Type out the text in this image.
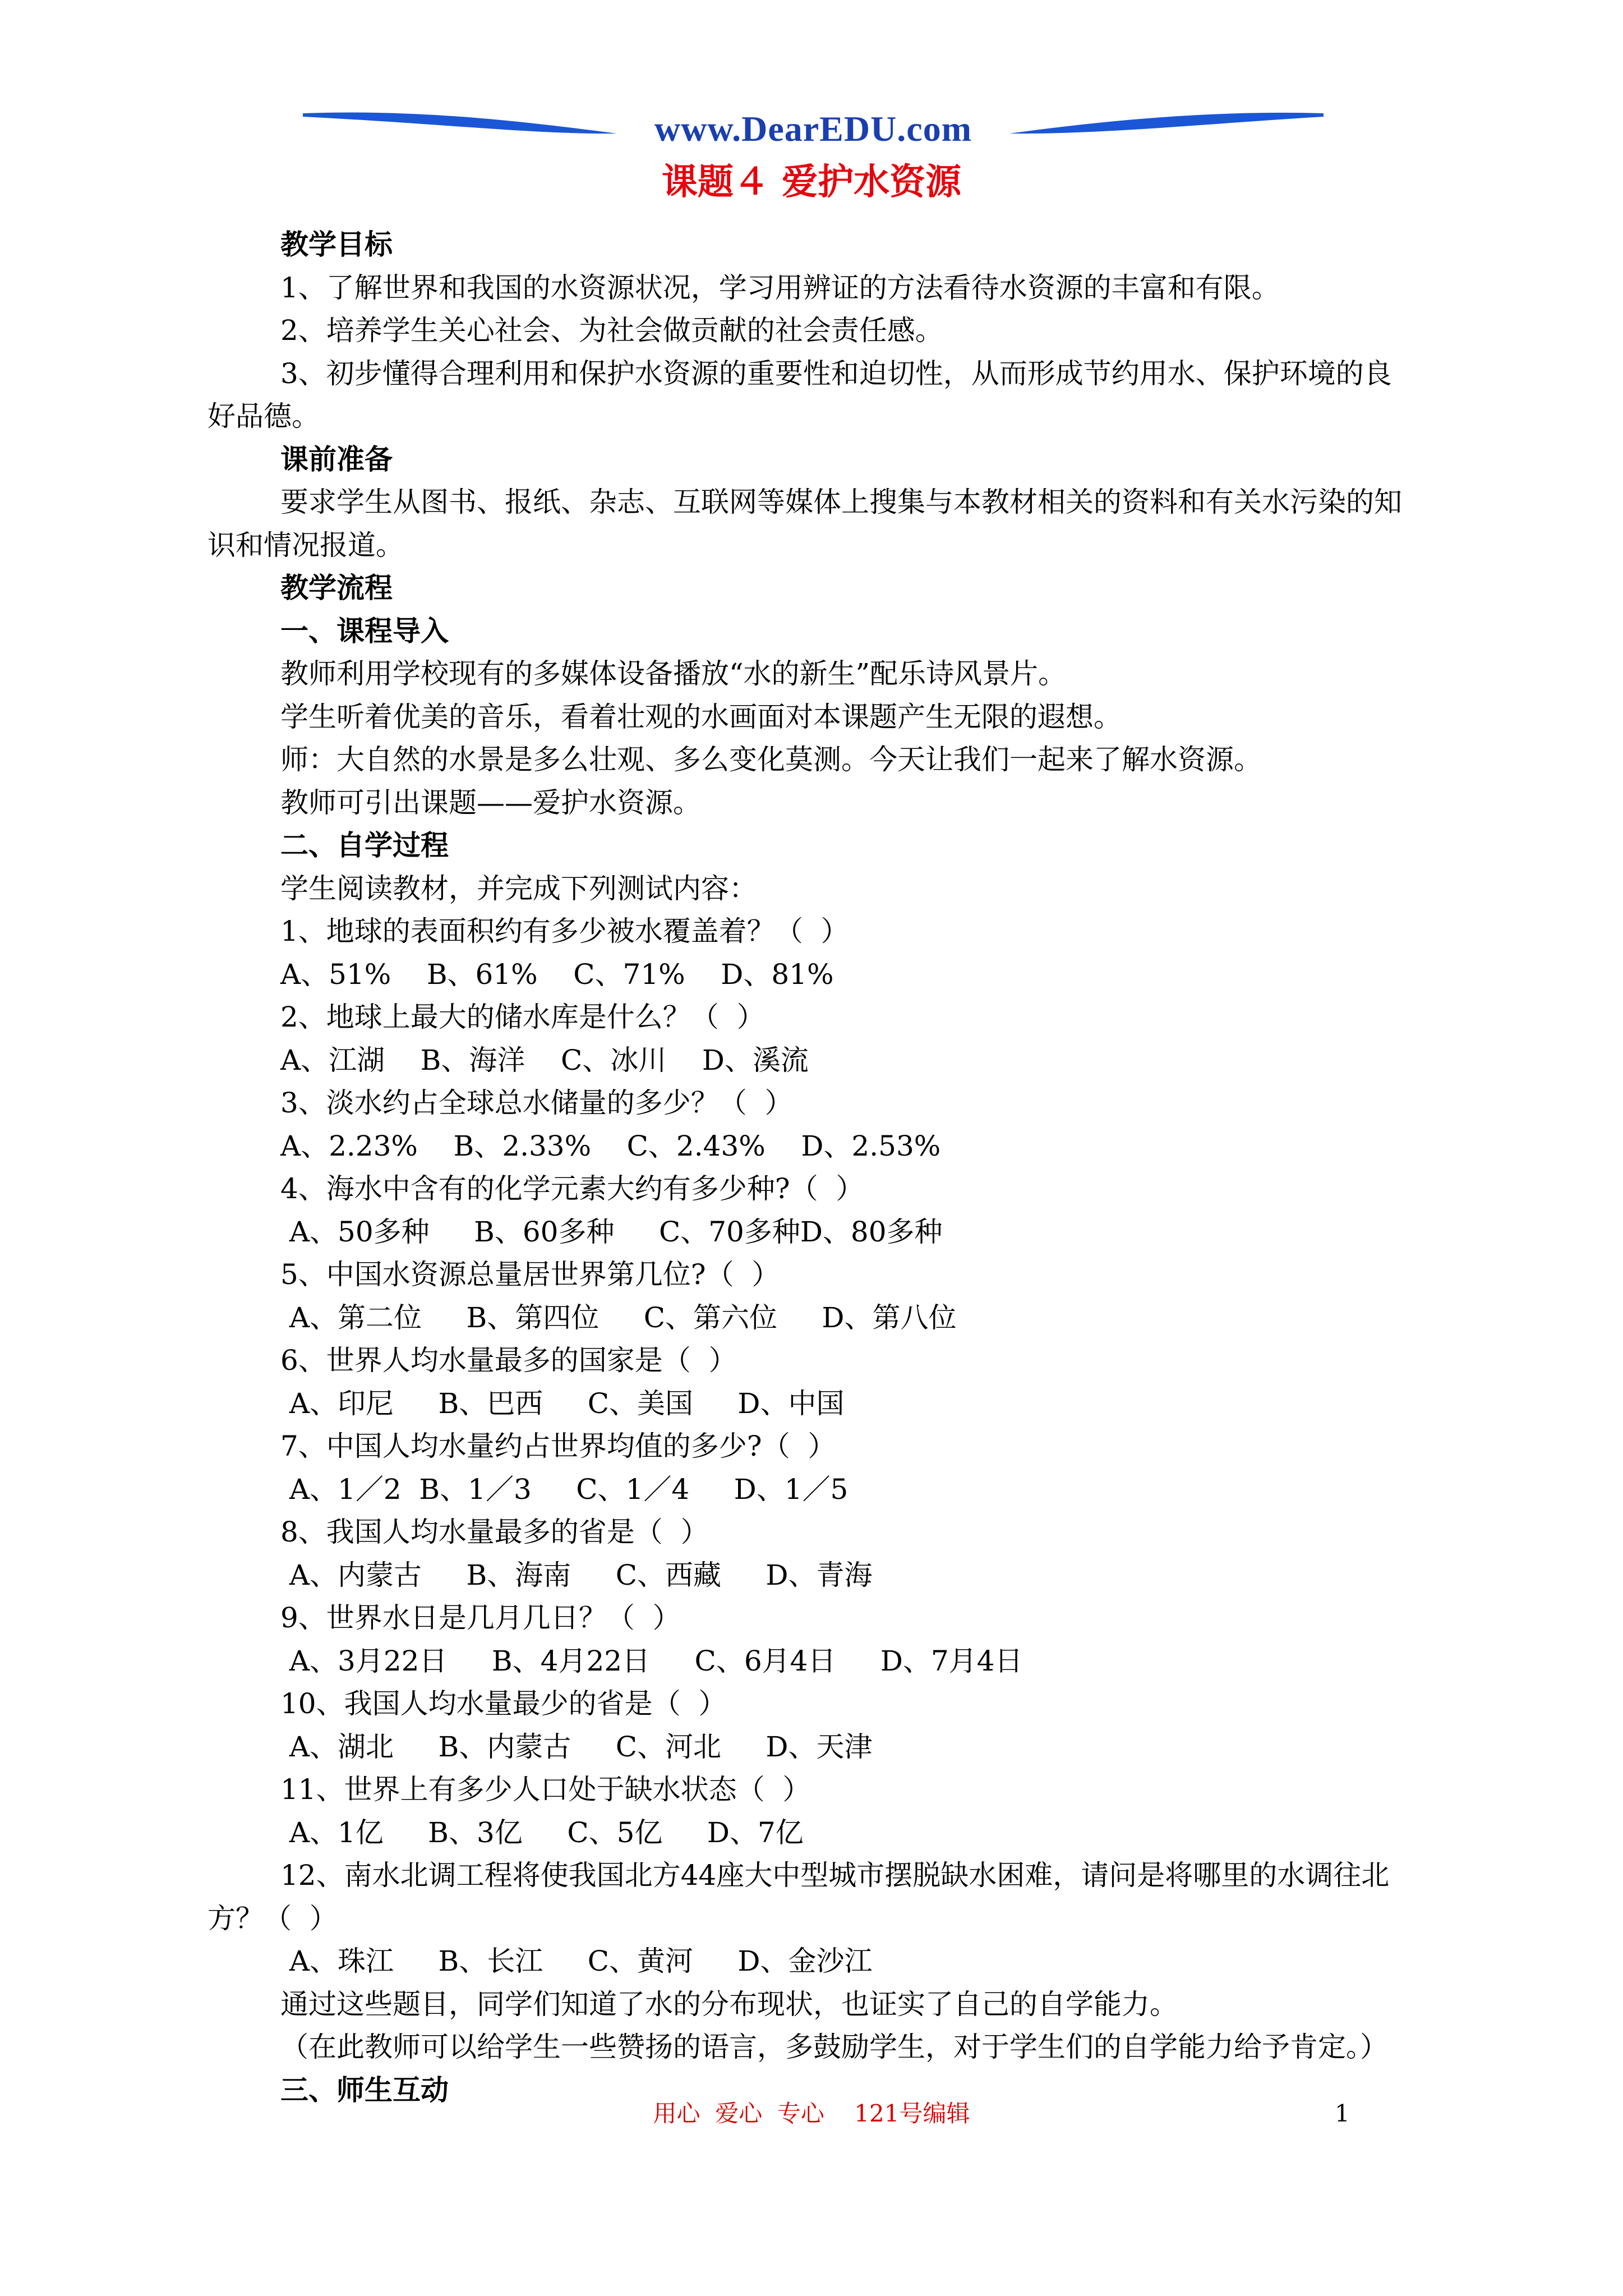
www.DearEDU.com
课题４ 爱护水资源

教学目标

1、了解世界和我国的水资源状况，学习用辨证的方法看待水资源的丰富和有限。

2、培养学生关心社会、为社会做贡献的社会责任感。

3、初步懂得合理利用和保护水资源的重要性和迫切性，从而形成节约用水、保护环境的良好品德。

课前准备

要求学生从图书、报纸、杂志、互联网等媒体上搜集与本教材相关的资料和有关水污染的知识和情况报道。

教学流程

一、课程导入

教师利用学校现有的多媒体设备播放“水的新生”配乐诗风景片。

学生听着优美的音乐，看着壮观的水画面对本课题产生无限的遐想。

师：大自然的水景是多么壮观、多么变化莫测。今天让我们一起来了解水资源。

教师可引出课题——爱护水资源。

二、自学过程

学生阅读教材，并完成下列测试内容：

1、地球的表面积约有多少被水覆盖着？（  ）

A、51%    B、61%    C、71%    D、81%

2、地球上最大的储水库是什么？（  ）

A、江湖    B、海洋    C、冰川    D、溪流

3、淡水约占全球总水储量的多少？（  ）

A、2.23%    B、2.33%    C、2.43%    D、2.53%

4、海水中含有的化学元素大约有多少种?（  ）

A、50多种     B、60多种     C、70多种D、80多种

5、中国水资源总量居世界第几位?（  ）

A、第二位     B、第四位     C、第六位     D、第八位

6、世界人均水量最多的国家是（  ）

A、印尼     B、巴西     C、美国     D、中国

7、中国人均水量约占世界均值的多少?（  ）

A、1／2  B、1／3     C、1／4     D、1／5

8、我国人均水量最多的省是（  ）

A、内蒙古     B、海南     C、西藏     D、青海

9、世界水日是几月几日？（  ）

A、3月22日     B、4月22日     C、6月4日     D、7月4日

10、我国人均水量最少的省是（  ）

A、湖北     B、内蒙古     C、河北     D、天津

11、世界上有多少人口处于缺水状态（  ）

A、1亿     B、3亿     C、5亿     D、7亿

12、南水北调工程将使我国北方44座大中型城市摆脱缺水困难，请问是将哪里的水调往北方？（  ）

A、珠江     B、长江     C、黄河     D、金沙江

通过这些题目，同学们知道了水的分布现状，也证实了自己的自学能力。

（在此教师可以给学生一些赞扬的语言，多鼓励学生，对于学生们的自学能力给予肯定。）

三、师生互动

用心  爱心  专心    121号编辑	1
